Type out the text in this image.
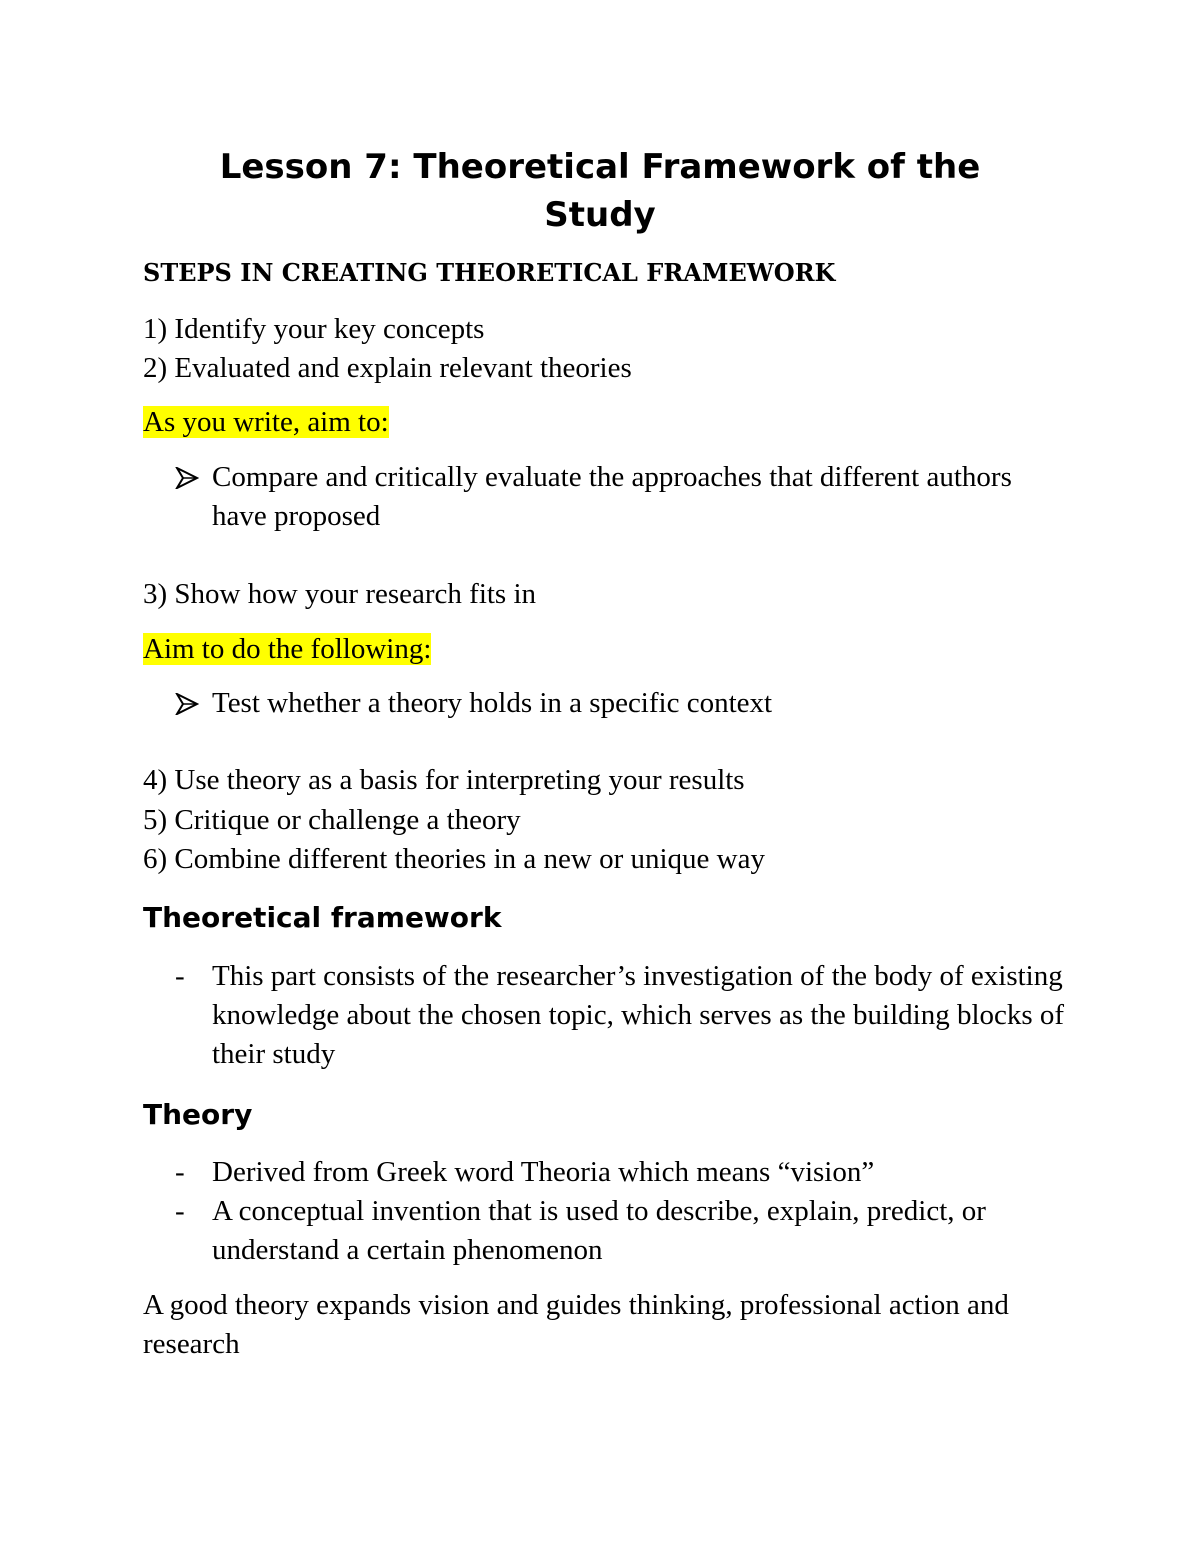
Lesson 7: Theoretical Framework of the
Study
STEPS IN CREATING THEORETICAL FRAMEWORK
1) Identify your key concepts
2) Evaluated and explain relevant theories
As you write, aim to:
Compare and critically evaluate the approaches that different authors have proposed
3) Show how your research fits in
Aim to do the following:
Test whether a theory holds in a specific context
4) Use theory as a basis for interpreting your results
5) Critique or challenge a theory
6) Combine different theories in a new or unique way
Theoretical framework
- This part consists of the researcher’s investigation of the body of existing knowledge about the chosen topic, which serves as the building blocks of their study
Theory
- Derived from Greek word Theoria which means “vision”
- A conceptual invention that is used to describe, explain, predict, or understand a certain phenomenon
A good theory expands vision and guides thinking, professional action and research
